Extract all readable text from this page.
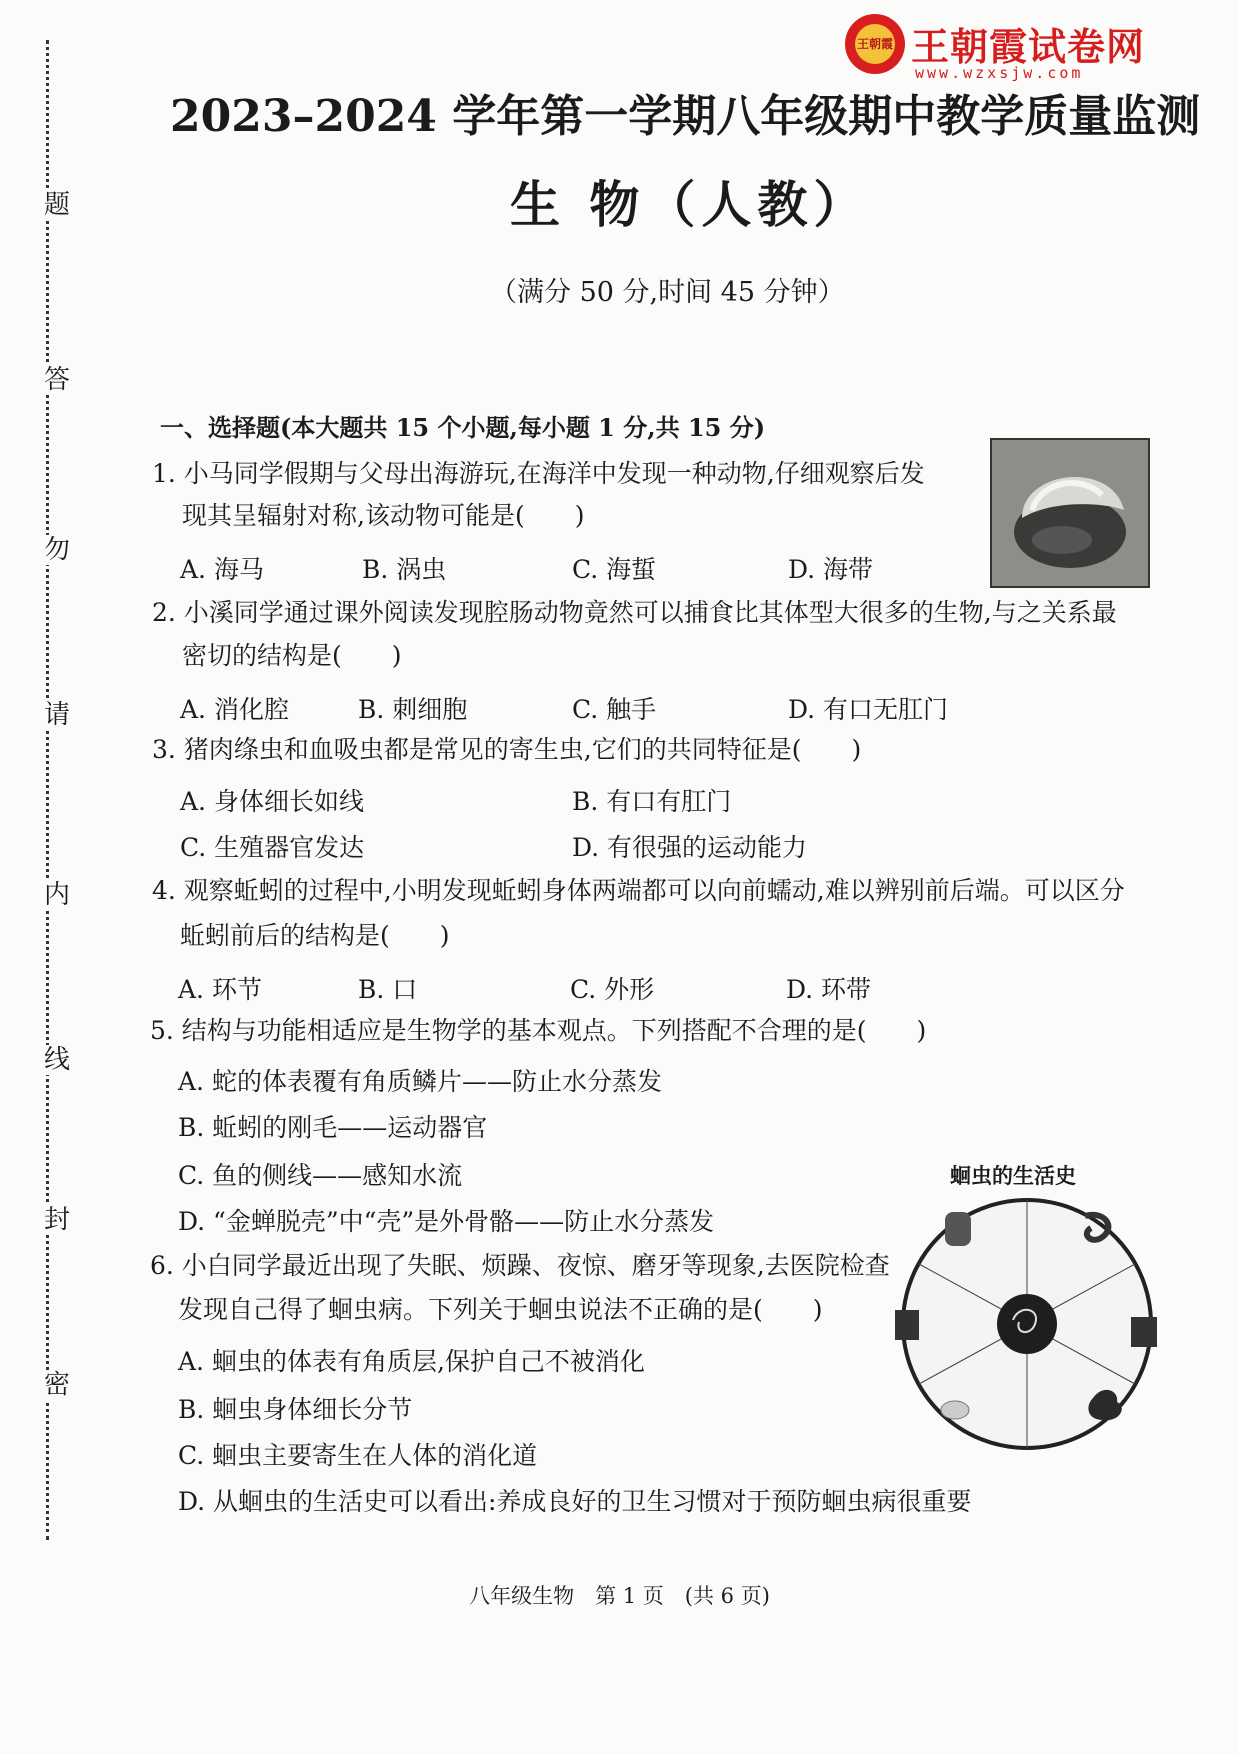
题
答
勿
请
内
线
封
密
王朝霞 王朝霞试卷网
www.wzxsjw.com
2023–2024 学年第一学期八年级期中教学质量监测
生 物（人教）
（满分 50 分,时间 45 分钟）
一、选择题(本大题共 15 个小题,每小题 1 分,共 15 分)
1. 小马同学假期与父母出海游玩,在海洋中发现一种动物,仔细观察后发
现其呈辐射对称,该动物可能是(　　)
A. 海马	B. 涡虫	C. 海蜇	D. 海带
2. 小溪同学通过课外阅读发现腔肠动物竟然可以捕食比其体型大很多的生物,与之关系最
密切的结构是(　　)
A. 消化腔	B. 刺细胞	C. 触手	D. 有口无肛门
3. 猪肉绦虫和血吸虫都是常见的寄生虫,它们的共同特征是(　　)
A. 身体细长如线	B. 有口有肛门
C. 生殖器官发达	D. 有很强的运动能力
4. 观察蚯蚓的过程中,小明发现蚯蚓身体两端都可以向前蠕动,难以辨别前后端。可以区分
蚯蚓前后的结构是(　　)
A. 环节	B. 口	C. 外形	D. 环带
5. 结构与功能相适应是生物学的基本观点。下列搭配不合理的是(　　)
A. 蛇的体表覆有角质鳞片——防止水分蒸发
B. 蚯蚓的刚毛——运动器官
C. 鱼的侧线——感知水流
D. “金蝉脱壳”中“壳”是外骨骼——防止水分蒸发
6. 小白同学最近出现了失眠、烦躁、夜惊、磨牙等现象,去医院检查
发现自己得了蛔虫病。下列关于蛔虫说法不正确的是(　　)
A. 蛔虫的体表有角质层,保护自己不被消化
B. 蛔虫身体细长分节
C. 蛔虫主要寄生在人体的消化道
D. 从蛔虫的生活史可以看出:养成良好的卫生习惯对于预防蛔虫病很重要
蛔虫的生活史
八年级生物　第 1 页　(共 6 页)
